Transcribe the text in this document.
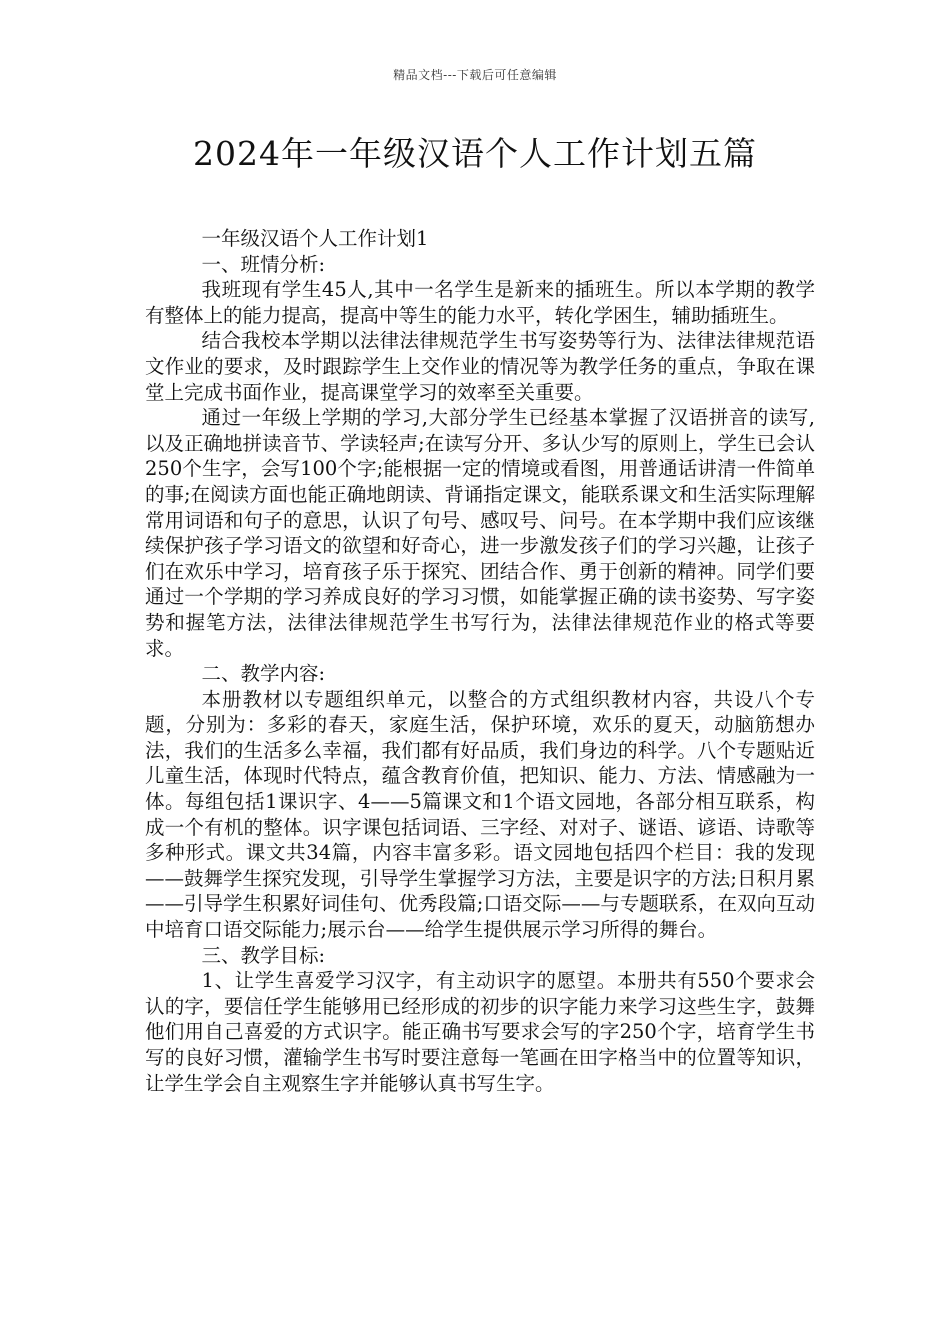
精品文档---下载后可任意编辑
2024年一年级汉语个人工作计划五篇

一年级汉语个人工作计划1

一、班情分析:

我班现有学生45人,其中一名学生是新来的插班生。所以本学期的教学有整体上的能力提高，提高中等生的能力水平，转化学困生，辅助插班生。

结合我校本学期以法律法律规范学生书写姿势等行为、法律法律规范语文作业的要求，及时跟踪学生上交作业的情况等为教学任务的重点，争取在课堂上完成书面作业，提高课堂学习的效率至关重要。

通过一年级上学期的学习,大部分学生已经基本掌握了汉语拼音的读写,以及正确地拼读音节、学读轻声;在读写分开、多认少写的原则上，学生已会认250个生字，会写100个字;能根据一定的情境或看图，用普通话讲清一件简单的事;在阅读方面也能正确地朗读、背诵指定课文，能联系课文和生活实际理解常用词语和句子的意思，认识了句号、感叹号、问号。在本学期中我们应该继续保护孩子学习语文的欲望和好奇心，进一步激发孩子们的学习兴趣，让孩子们在欢乐中学习，培育孩子乐于探究、团结合作、勇于创新的精神。同学们要通过一个学期的学习养成良好的学习习惯，如能掌握正确的读书姿势、写字姿势和握笔方法，法律法律规范学生书写行为，法律法律规范作业的格式等要求。

二、教学内容:

本册教材以专题组织单元，以整合的方式组织教材内容，共设八个专题，分别为：多彩的春天，家庭生活，保护环境，欢乐的夏天，动脑筋想办法，我们的生活多么幸福，我们都有好品质，我们身边的科学。八个专题贴近儿童生活，体现时代特点，蕴含教育价值，把知识、能力、方法、情感融为一体。每组包括1课识字、4——5篇课文和1个语文园地，各部分相互联系，构成一个有机的整体。识字课包括词语、三字经、对对子、谜语、谚语、诗歌等多种形式。课文共34篇，内容丰富多彩。语文园地包括四个栏目：我的发现——鼓舞学生探究发现，引导学生掌握学习方法，主要是识字的方法;日积月累——引导学生积累好词佳句、优秀段篇;口语交际——与专题联系，在双向互动中培育口语交际能力;展示台——给学生提供展示学习所得的舞台。

三、教学目标:

1、让学生喜爱学习汉字，有主动识字的愿望。本册共有550个要求会认的字，要信任学生能够用已经形成的初步的识字能力来学习这些生字，鼓舞他们用自己喜爱的方式识字。能正确书写要求会写的字250个字，培育学生书写的良好习惯，灌输学生书写时要注意每一笔画在田字格当中的位置等知识，让学生学会自主观察生字并能够认真书写生字。
